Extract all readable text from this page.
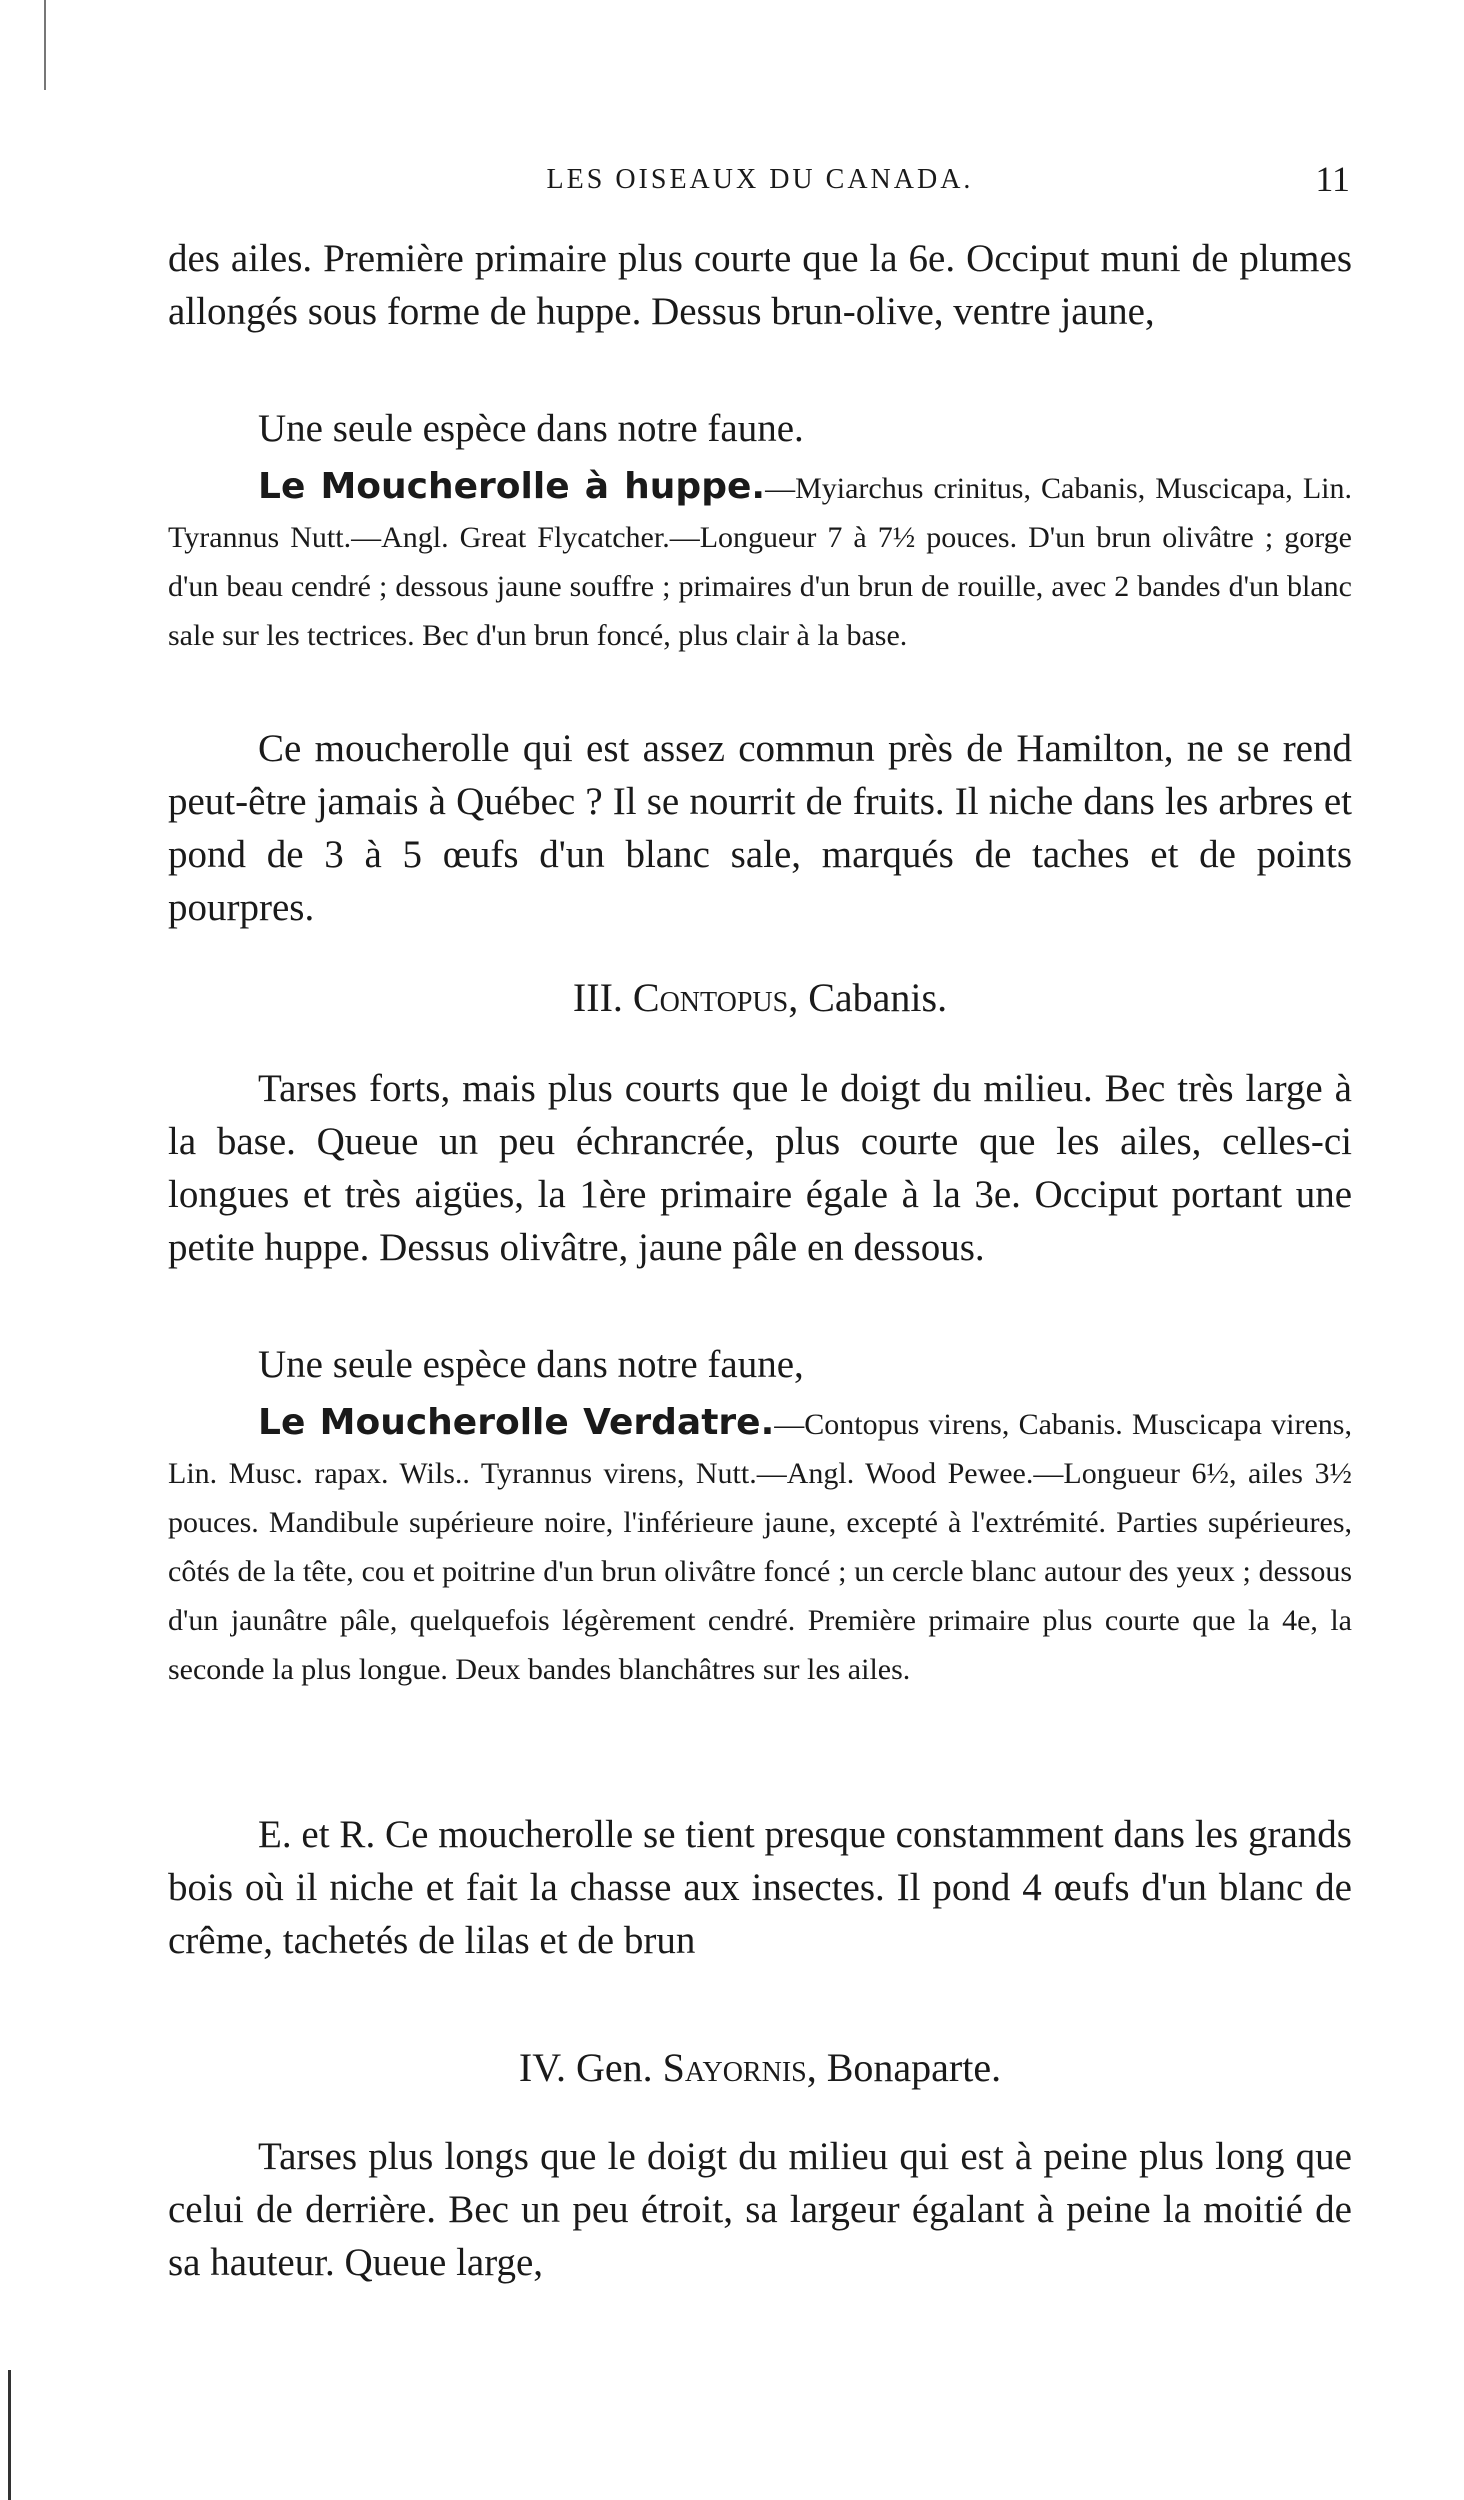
LES OISEAUX DU CANADA.	11

des ailes. Première primaire plus courte que la 6e. Occiput muni de plumes allongés sous forme de huppe. Dessus brun-olive, ventre jaune,

Une seule espèce dans notre faune.

Le Moucherolle à huppe.—Myiarchus crinitus, Cabanis, Muscicapa, Lin. Tyrannus Nutt.—Angl. Great Flycatcher.—Longueur 7 à 7½ pouces. D'un brun olivâtre ; gorge d'un beau cendré ; dessous jaune souffre ; primaires d'un brun de rouille, avec 2 bandes d'un blanc sale sur les tectrices. Bec d'un brun foncé, plus clair à la base.

Ce moucherolle qui est assez commun près de Hamilton, ne se rend peut-être jamais à Québec ? Il se nourrit de fruits. Il niche dans les arbres et pond de 3 à 5 œufs d'un blanc sale, marqués de taches et de points pourpres.

III. Contopus, Cabanis.

Tarses forts, mais plus courts que le doigt du milieu. Bec très large à la base. Queue un peu échrancrée, plus courte que les ailes, celles-ci longues et très aigües, la 1ère primaire égale à la 3e. Occiput portant une petite huppe. Dessus olivâtre, jaune pâle en dessous.

Une seule espèce dans notre faune,

Le Moucherolle Verdatre.—Contopus virens, Cabanis. Muscicapa virens, Lin. Musc. rapax. Wils.. Tyrannus virens, Nutt.—Angl. Wood Pewee.—Longueur 6½, ailes 3½ pouces. Mandibule supérieure noire, l'inférieure jaune, excepté à l'extrémité. Parties supérieures, côtés de la tête, cou et poitrine d'un brun olivâtre foncé ; un cercle blanc autour des yeux ; dessous d'un jaunâtre pâle, quelquefois légèrement cendré. Première primaire plus courte que la 4e, la seconde la plus longue. Deux bandes blanchâtres sur les ailes.

E. et R. Ce moucherolle se tient presque constamment dans les grands bois où il niche et fait la chasse aux insectes. Il pond 4 œufs d'un blanc de crême, tachetés de lilas et de brun

IV. Gen. Sayornis, Bonaparte.

Tarses plus longs que le doigt du milieu qui est à peine plus long que celui de derrière. Bec un peu étroit, sa largeur égalant à peine la moitié de sa hauteur. Queue large,
